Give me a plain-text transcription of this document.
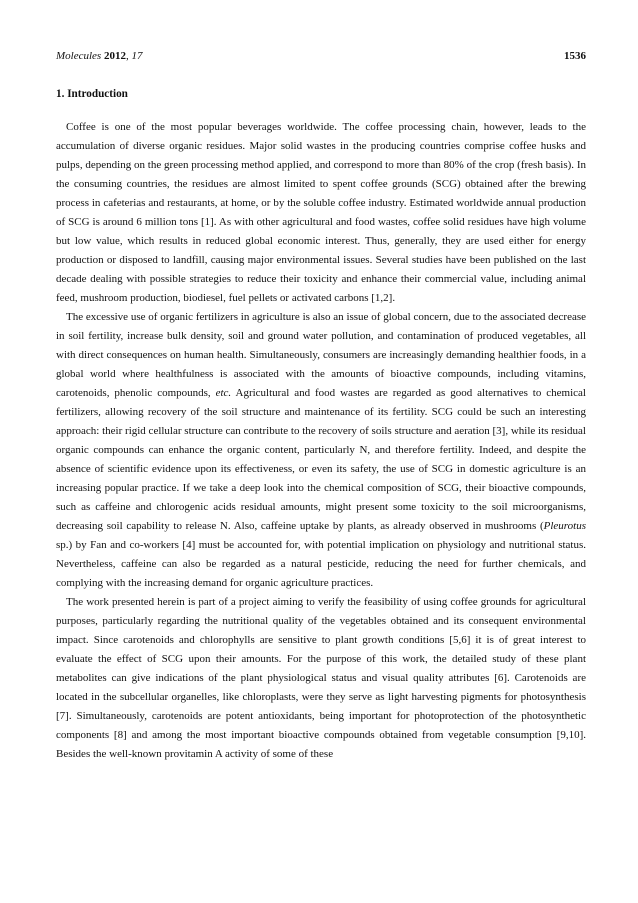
Molecules 2012, 17	1536
1. Introduction

Coffee is one of the most popular beverages worldwide. The coffee processing chain, however, leads to the accumulation of diverse organic residues. Major solid wastes in the producing countries comprise coffee husks and pulps, depending on the green processing method applied, and correspond to more than 80% of the crop (fresh basis). In the consuming countries, the residues are almost limited to spent coffee grounds (SCG) obtained after the brewing process in cafeterias and restaurants, at home, or by the soluble coffee industry. Estimated worldwide annual production of SCG is around 6 million tons [1]. As with other agricultural and food wastes, coffee solid residues have high volume but low value, which results in reduced global economic interest. Thus, generally, they are used either for energy production or disposed to landfill, causing major environmental issues. Several studies have been published on the last decade dealing with possible strategies to reduce their toxicity and enhance their commercial value, including animal feed, mushroom production, biodiesel, fuel pellets or activated carbons [1,2].

The excessive use of organic fertilizers in agriculture is also an issue of global concern, due to the associated decrease in soil fertility, increase bulk density, soil and ground water pollution, and contamination of produced vegetables, all with direct consequences on human health. Simultaneously, consumers are increasingly demanding healthier foods, in a global world where healthfulness is associated with the amounts of bioactive compounds, including vitamins, carotenoids, phenolic compounds, etc. Agricultural and food wastes are regarded as good alternatives to chemical fertilizers, allowing recovery of the soil structure and maintenance of its fertility. SCG could be such an interesting approach: their rigid cellular structure can contribute to the recovery of soils structure and aeration [3], while its residual organic compounds can enhance the organic content, particularly N, and therefore fertility. Indeed, and despite the absence of scientific evidence upon its effectiveness, or even its safety, the use of SCG in domestic agriculture is an increasing popular practice. If we take a deep look into the chemical composition of SCG, their bioactive compounds, such as caffeine and chlorogenic acids residual amounts, might present some toxicity to the soil microorganisms, decreasing soil capability to release N. Also, caffeine uptake by plants, as already observed in mushrooms (Pleurotus sp.) by Fan and co-workers [4] must be accounted for, with potential implication on physiology and nutritional status. Nevertheless, caffeine can also be regarded as a natural pesticide, reducing the need for further chemicals, and complying with the increasing demand for organic agriculture practices.

The work presented herein is part of a project aiming to verify the feasibility of using coffee grounds for agricultural purposes, particularly regarding the nutritional quality of the vegetables obtained and its consequent environmental impact. Since carotenoids and chlorophylls are sensitive to plant growth conditions [5,6] it is of great interest to evaluate the effect of SCG upon their amounts. For the purpose of this work, the detailed study of these plant metabolites can give indications of the plant physiological status and visual quality attributes [6]. Carotenoids are located in the subcellular organelles, like chloroplasts, were they serve as light harvesting pigments for photosynthesis [7]. Simultaneously, carotenoids are potent antioxidants, being important for photoprotection of the photosynthetic components [8] and among the most important bioactive compounds obtained from vegetable consumption [9,10]. Besides the well-known provitamin A activity of some of these
